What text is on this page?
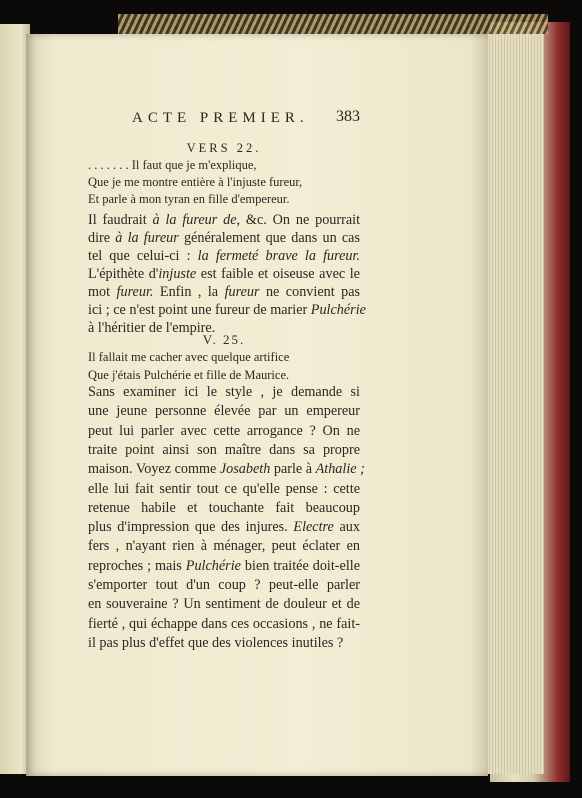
ACTE PREMIER. 383
VERS 22.
. . . . . . . Il faut que je m'explique,
Que je me montre entière à l'injuste fureur,
Et parle à mon tyran en fille d'empereur.
Il faudrait à la fureur de, &c. On ne pourrait
dire à la fureur généralement que dans un cas
tel que celui-ci : la fermeté brave la fureur.
L'épithète d'injuste est faible et oiseuse avec le
mot fureur. Enfin , la fureur ne convient pas
ici ; ce n'est point une fureur de marier Pulchérie
à l'héritier de l'empire.
V. 25.
Il fallait me cacher avec quelque artifice
Que j'étais Pulchérie et fille de Maurice.
Sans examiner ici le style , je demande si
une jeune personne élevée par un empereur
peut lui parler avec cette arrogance ? On ne
traite point ainsi son maître dans sa propre
maison. Voyez comme Josabeth parle à Athalie ;
elle lui fait sentir tout ce qu'elle pense : cette
retenue habile et touchante fait beaucoup
plus d'impression que des injures. Electre aux
fers , n'ayant rien à ménager, peut éclater en
reproches ; mais Pulchérie bien traitée doit-elle
s'emporter tout d'un coup ? peut-elle parler
en souveraine ? Un sentiment de douleur et de
fierté , qui échappe dans ces occasions , ne fait-
il pas plus d'effet que des violences inutiles ?
